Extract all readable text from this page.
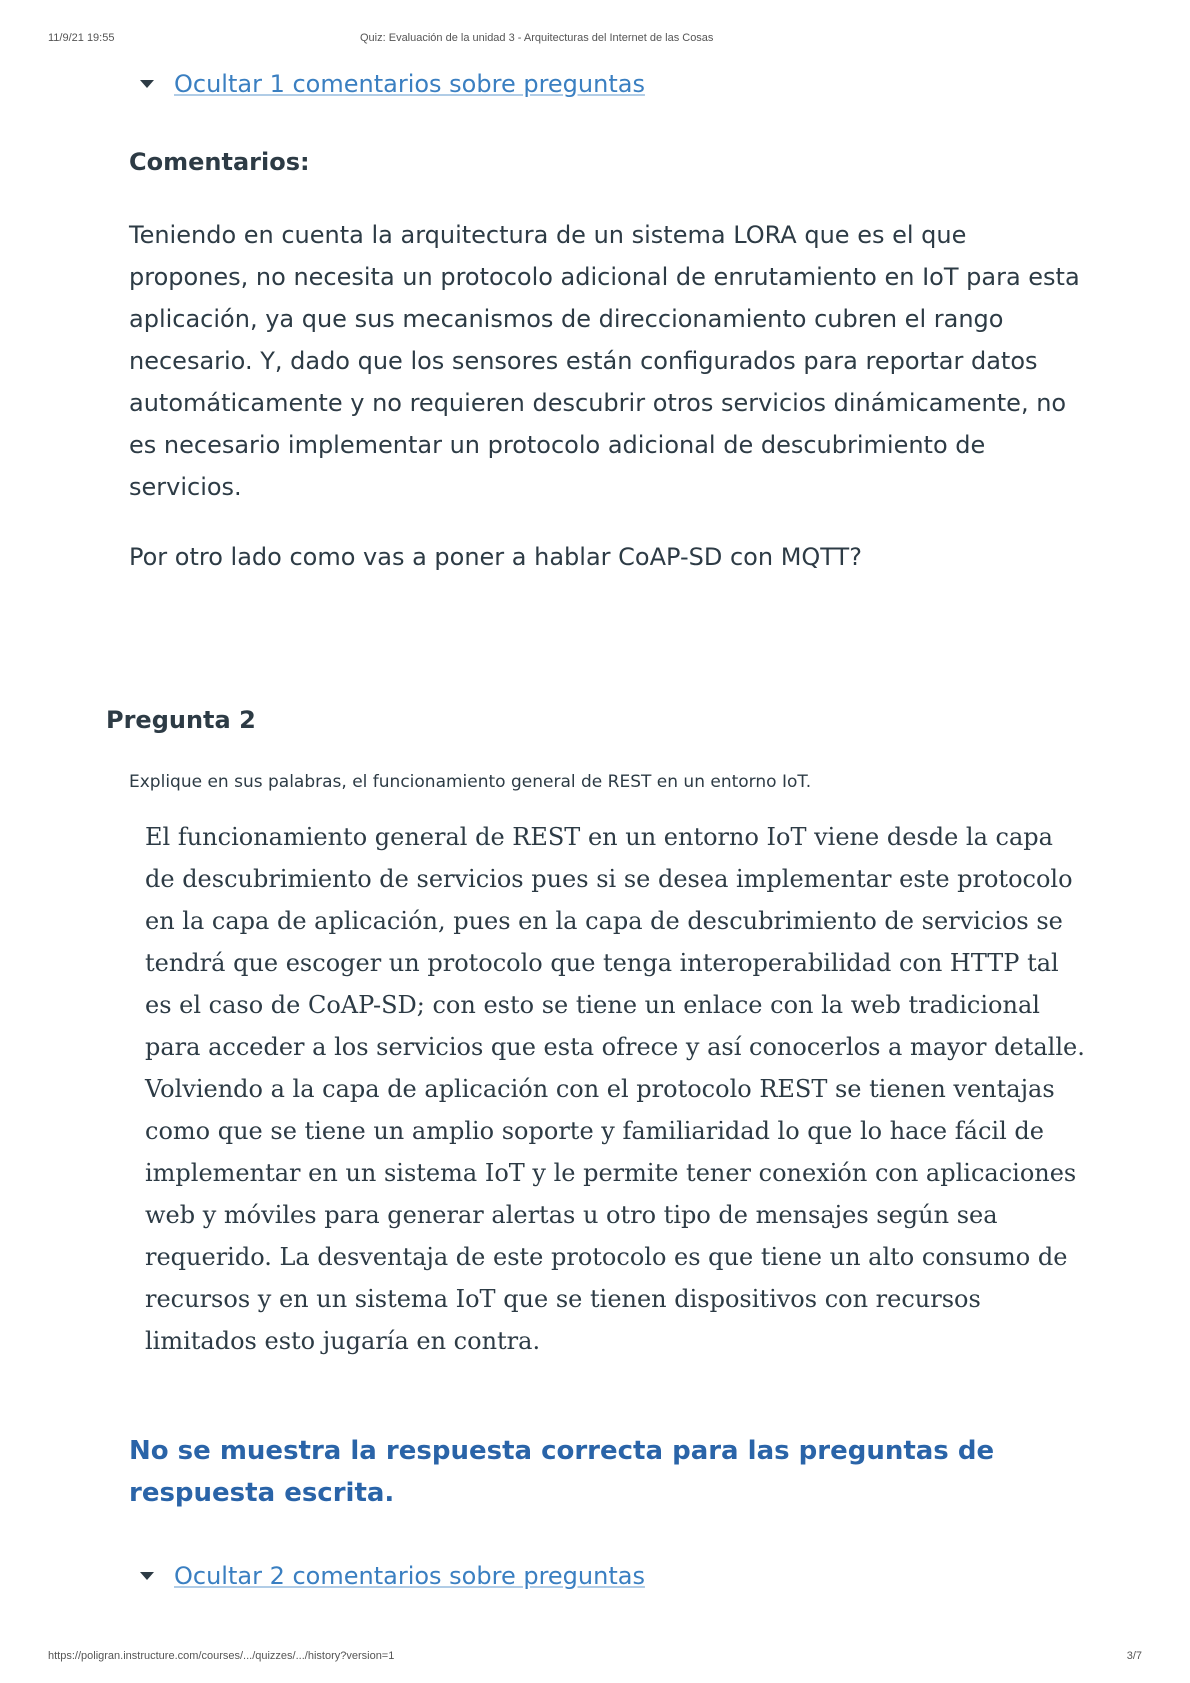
11/9/21 19:55	Quiz: Evaluación de la unidad 3 - Arquitecturas del Internet de las Cosas
Ocultar 1 comentarios sobre preguntas
Comentarios:

Teniendo en cuenta la arquitectura de un sistema LORA que es el que propones, no necesita un protocolo adicional de enrutamiento en IoT para esta aplicación, ya que sus mecanismos de direccionamiento cubren el rango necesario. Y, dado que los sensores están configurados para reportar datos automáticamente y no requieren descubrir otros servicios dinámicamente, no es necesario implementar un protocolo adicional de descubrimiento de servicios.

Por otro lado como vas a poner a hablar CoAP-SD con MQTT?

Pregunta 2
Explique en sus palabras, el funcionamiento general de REST en un entorno IoT.
El funcionamiento general de REST en un entorno IoT viene desde la capa de descubrimiento de servicios pues si se desea implementar este protocolo en la capa de aplicación, pues en la capa de descubrimiento de servicios se tendrá que escoger un protocolo que tenga interoperabilidad con HTTP tal es el caso de CoAP-SD; con esto se tiene un enlace con la web tradicional para acceder a los servicios que esta ofrece y así conocerlos a mayor detalle. Volviendo a la capa de aplicación con el protocolo REST se tienen ventajas como que se tiene un amplio soporte y familiaridad lo que lo hace fácil de implementar en un sistema IoT y le permite tener conexión con aplicaciones web y móviles para generar alertas u otro tipo de mensajes según sea requerido. La desventaja de este protocolo es que tiene un alto consumo de recursos y en un sistema IoT que se tienen dispositivos con recursos limitados esto jugaría en contra.
No se muestra la respuesta correcta para las preguntas de respuesta escrita.
Ocultar 2 comentarios sobre preguntas
https://poligran.instructure.com/courses/.../quizzes/.../history?version=1	3/7
